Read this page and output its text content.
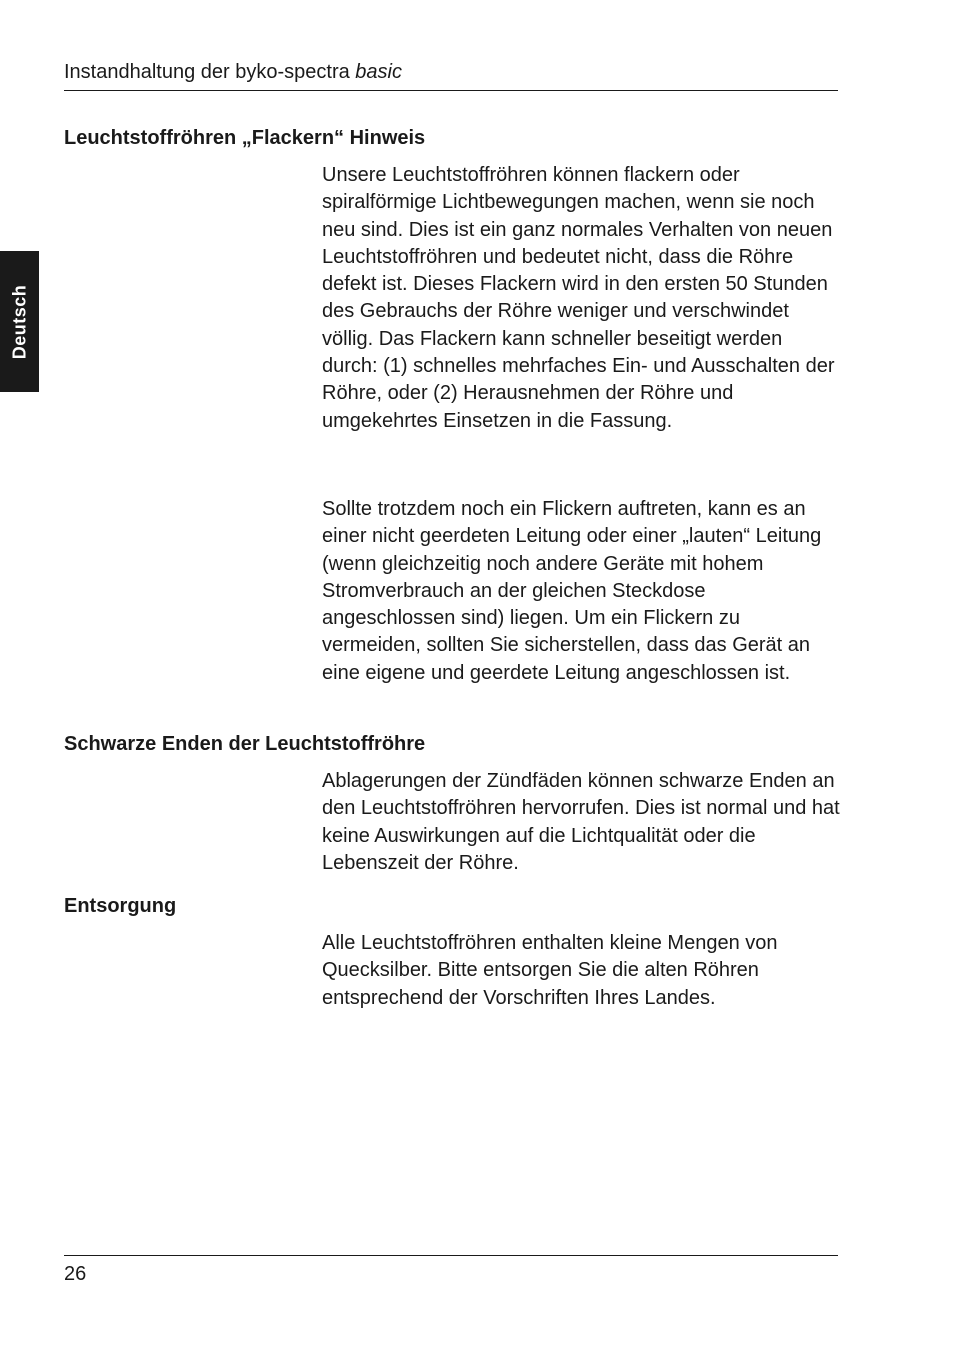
Instandhaltung der byko-spectra basic
Deutsch
Leuchtstoffröhren „Flackern“ Hinweis

Unsere Leuchtstoffröhren können flackern oder spiralförmige Lichtbewegungen machen, wenn sie noch neu sind. Dies ist ein ganz normales Verhalten von neuen Leuchtstoffröhren und bedeutet nicht, dass die Röhre defekt ist. Dieses Flackern wird in den ersten 50 Stunden des Gebrauchs der Röhre weniger und verschwindet völlig. Das Flackern kann schneller beseitigt werden durch: (1) schnelles mehrfaches Ein- und Ausschalten der Röhre, oder (2) Herausnehmen der Röhre und umgekehrtes Einsetzen in die Fassung.

Sollte trotzdem noch ein Flickern auftreten, kann es an einer nicht geerdeten Leitung oder einer „lauten“ Leitung (wenn gleichzeitig noch andere Geräte mit hohem Stromverbrauch an der gleichen Steckdose angeschlossen sind) liegen. Um ein Flickern zu vermeiden, sollten Sie sicherstellen, dass das Gerät an eine eigene und geerdete Leitung angeschlossen ist.

Schwarze Enden der Leuchtstoffröhre

Ablagerungen der Zündfäden können schwarze Enden an den Leuchtstoffröhren hervorrufen. Dies ist normal und hat keine Auswirkungen auf die Lichtqualität oder die Lebenszeit der Röhre.

Entsorgung

Alle Leuchtstoffröhren enthalten kleine Mengen von Quecksilber. Bitte entsorgen Sie die alten Röhren entsprechend der Vorschriften Ihres Landes.

26
